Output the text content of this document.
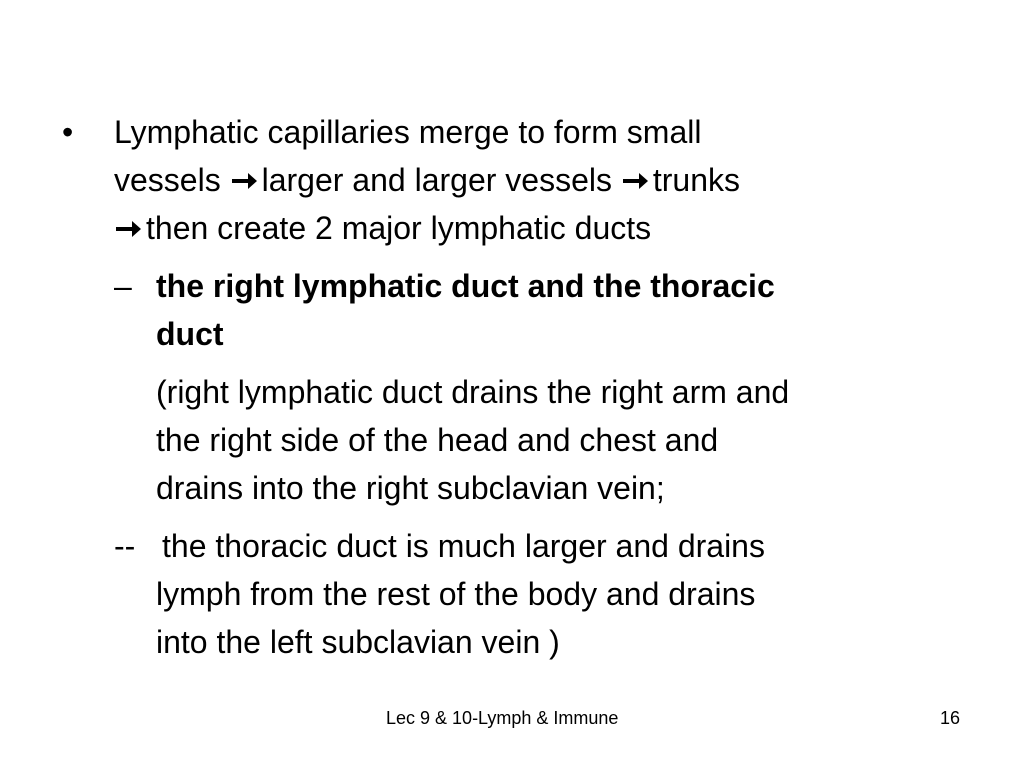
• Lymphatic capillaries merge to form small
vessels larger and larger vessels trunks
then create 2 major lymphatic ducts
– the right lymphatic duct and the thoracic
duct
(right lymphatic duct drains the right arm and
the right side of the head and chest and
drains into the right subclavian vein;
-- the thoracic duct is much larger and drains
lymph from the rest of the body and drains
into the left subclavian vein )
Lec 9 & 10-Lymph & Immune	16
